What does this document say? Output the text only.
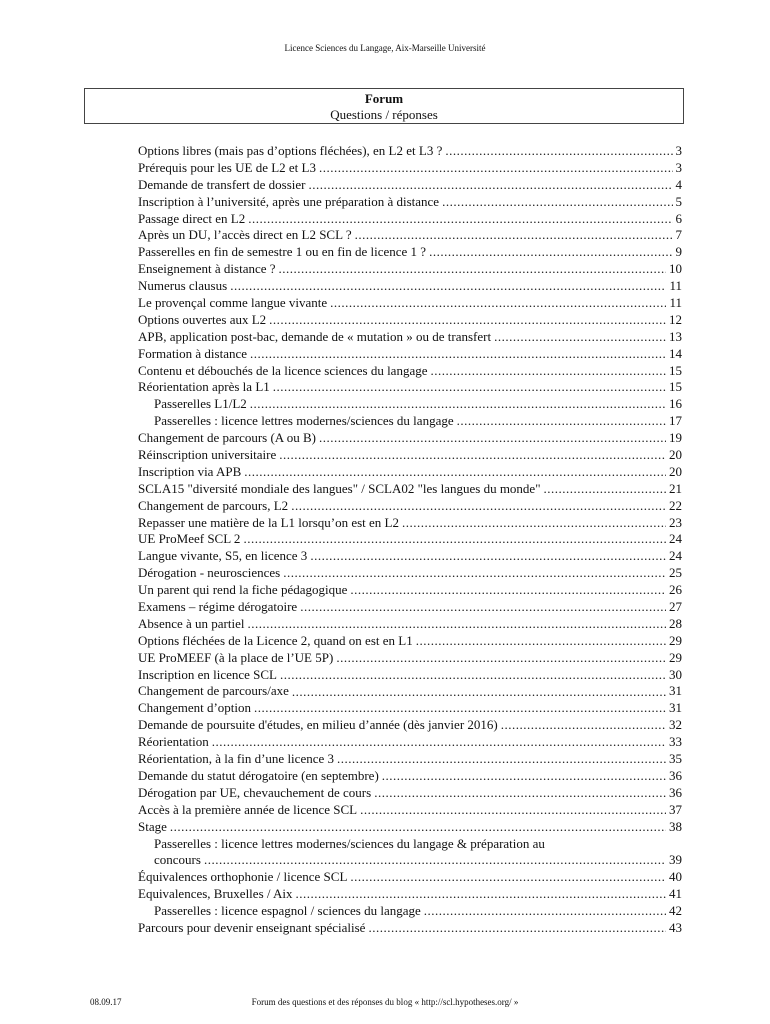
Licence Sciences du Langage, Aix-Marseille Université
Forum
Questions / réponses
Options libres (mais pas d’options fléchées), en L2 et L3 ? .....	3
Prérequis pour les UE de L2 et L3 .....	3
Demande de transfert de dossier .....	4
Inscription à l’université, après une préparation à distance .....	5
Passage direct en L2 .....	6
Après un DU, l’accès direct en L2 SCL ? .....	7
Passerelles en fin de semestre 1 ou en fin de licence 1 ? .....	9
Enseignement à distance ? .....	10
Numerus clausus .....	11
Le provençal comme langue vivante .....	11
Options ouvertes aux L2 .....	12
APB, application post-bac, demande de « mutation » ou de transfert .....	13
Formation à distance .....	14
Contenu et débouchés de la licence sciences du langage .....	15
Réorientation après la L1 .....	15
Passerelles L1/L2 .....	16
Passerelles : licence lettres modernes/sciences du langage .....	17
Changement de parcours (A ou B) .....	19
Réinscription universitaire .....	20
Inscription via APB .....	20
SCLA15 "diversité mondiale des langues" / SCLA02 "les langues du monde" .....	21
Changement de parcours, L2 .....	22
Repasser une matière de la L1 lorsqu’on est en L2 .....	23
UE ProMeef SCL 2 .....	24
Langue vivante, S5, en licence 3 .....	24
Dérogation - neurosciences .....	25
Un parent qui rend la fiche pédagogique .....	26
Examens – régime dérogatoire .....	27
Absence à un partiel .....	28
Options fléchées de la Licence 2, quand on est en L1 .....	29
UE ProMEEF (à la place de l’UE 5P) .....	29
Inscription en licence SCL .....	30
Changement de parcours/axe .....	31
Changement d’option .....	31
Demande de poursuite d'études, en milieu d’année (dès janvier 2016) .....	32
Réorientation .....	33
Réorientation, à la fin d’une licence 3 .....	35
Demande du statut dérogatoire (en septembre) .....	36
Dérogation par UE, chevauchement de cours .....	36
Accès à la première année de licence SCL .....	37
Stage .....	38
Passerelles : licence lettres modernes/sciences du langage & préparation au
concours .....	39
Équivalences orthophonie / licence SCL .....	40
Equivalences, Bruxelles / Aix .....	41
Passerelles : licence espagnol / sciences du langage .....	42
Parcours pour devenir enseignant spécialisé .....	43
08.09.17	Forum des questions et des réponses du blog « http://scl.hypotheses.org/ »
